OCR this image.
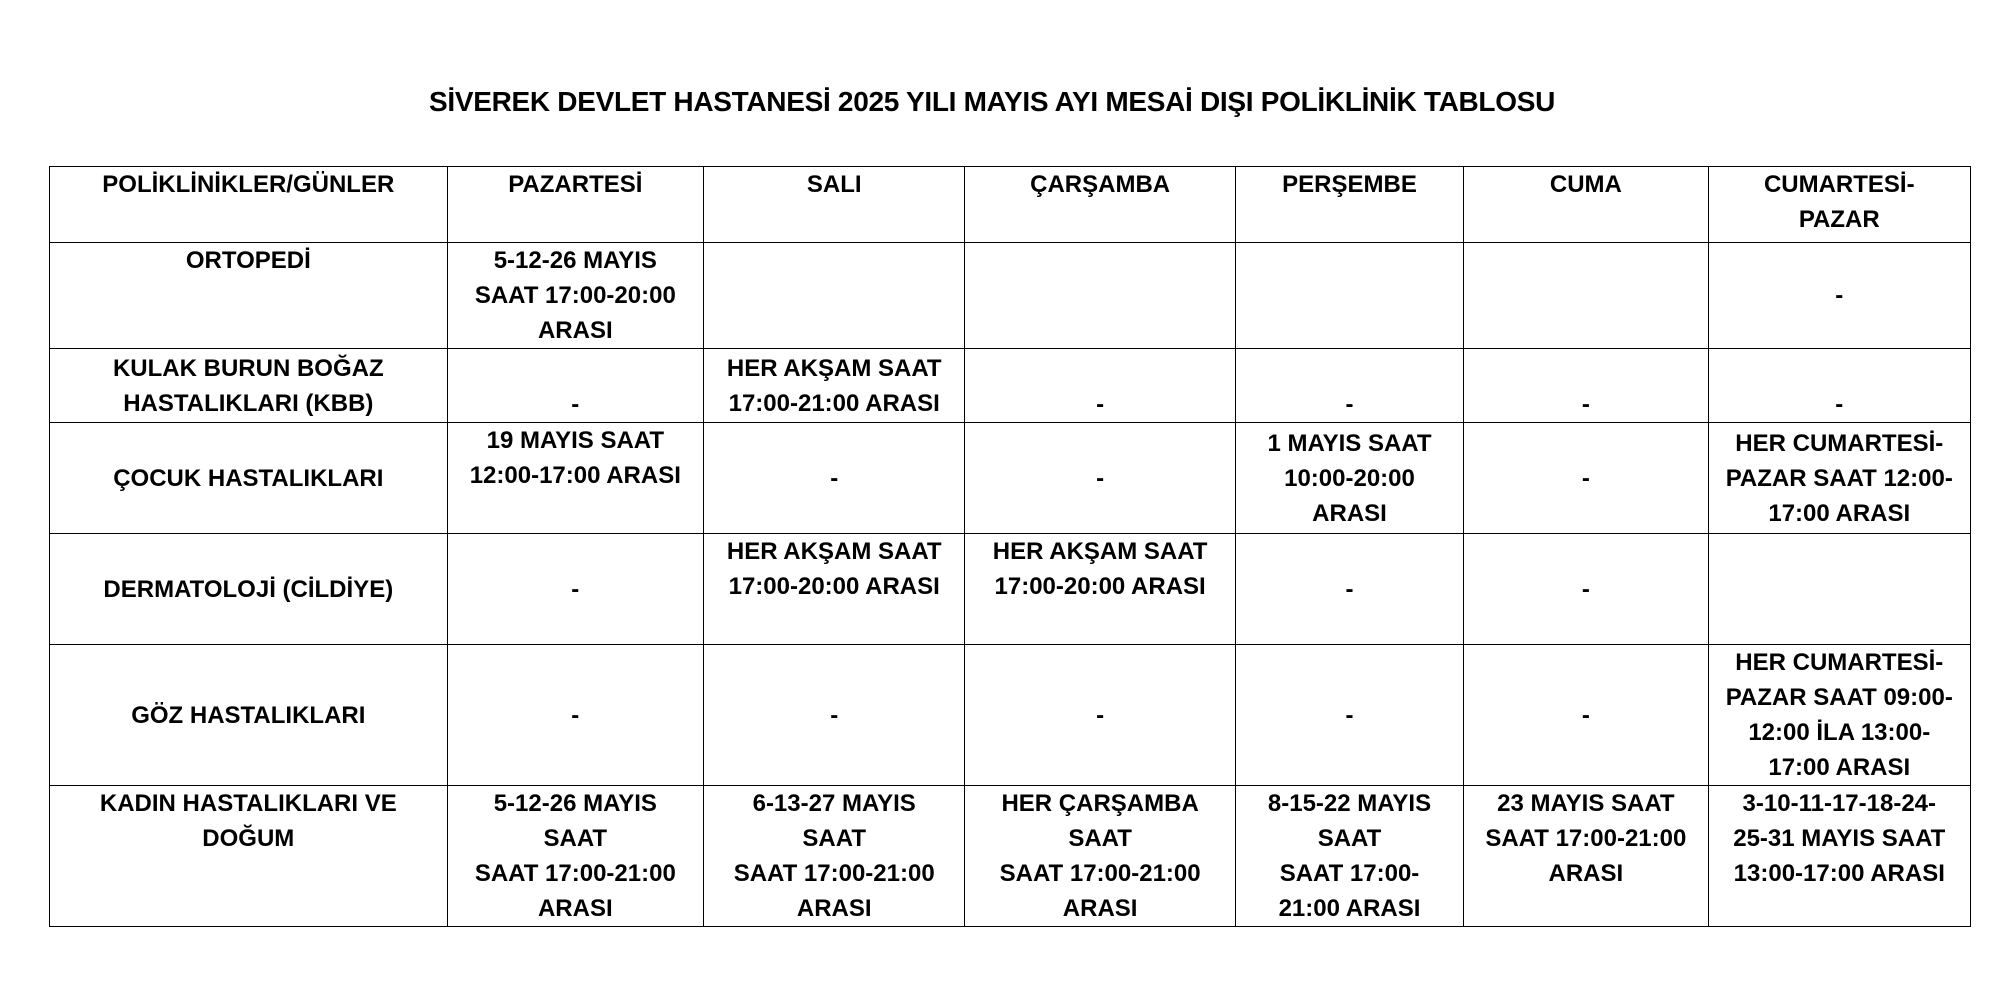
SİVEREK DEVLET HASTANESİ 2025 YILI MAYIS AYI MESAİ DIŞI POLİKLİNİK TABLOSU
POLİKLİNİKLER/GÜNLER	PAZARTESİ	SALI	ÇARŞAMBA	PERŞEMBE	CUMA	CUMARTESİ-
PAZAR
ORTOPEDİ	5-12-26 MAYIS
SAAT 17:00-20:00
ARASI					-
KULAK BURUN BOĞAZ
HASTALIKLARI (KBB)	-	HER AKŞAM SAAT
17:00-21:00 ARASI	-	-	-	-
ÇOCUK HASTALIKLARI	19 MAYIS SAAT
12:00-17:00 ARASI	-	-	1 MAYIS SAAT
10:00-20:00
ARASI	-	HER CUMARTESİ-
PAZAR SAAT 12:00-
17:00 ARASI
DERMATOLOJİ (CİLDİYE)	-	HER AKŞAM SAAT
17:00-20:00 ARASI	HER AKŞAM SAAT
17:00-20:00 ARASI	-	-	
GÖZ HASTALIKLARI	-	-	-	-	-	HER CUMARTESİ-
PAZAR SAAT 09:00-
12:00 İLA 13:00-
17:00 ARASI
KADIN HASTALIKLARI VE
DOĞUM	5-12-26 MAYIS
SAAT
SAAT 17:00-21:00
ARASI	6-13-27 MAYIS
SAAT
SAAT 17:00-21:00
ARASI	HER ÇARŞAMBA
SAAT
SAAT 17:00-21:00
ARASI	8-15-22 MAYIS
SAAT
SAAT 17:00-
21:00 ARASI	23 MAYIS SAAT
SAAT 17:00-21:00
ARASI	3-10-11-17-18-24-
25-31 MAYIS SAAT
13:00-17:00 ARASI
